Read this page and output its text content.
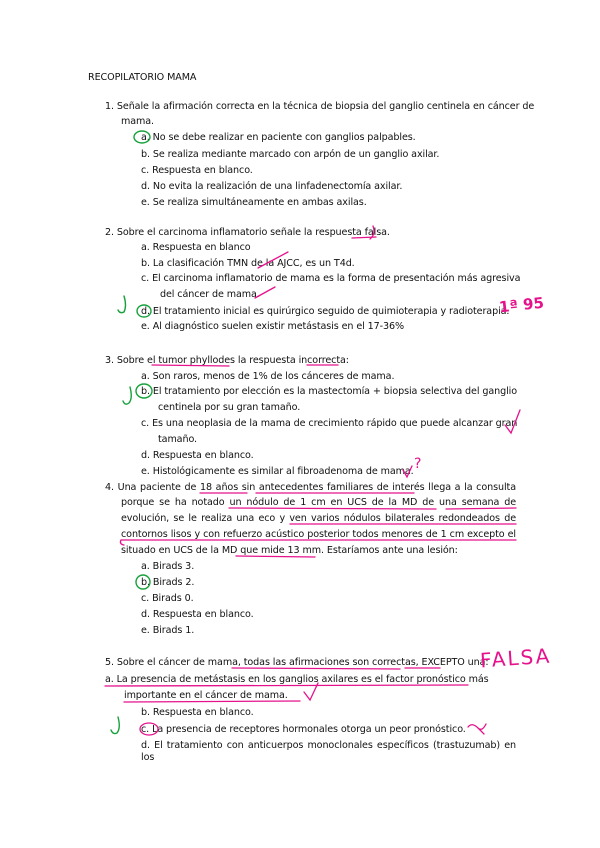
RECOPILATORIO MAMA
1. Señale la afirmación correcta en la técnica de biopsia del ganglio centinela en cáncer de
mama.
a. No se debe realizar en paciente con ganglios palpables.
b. Se realiza mediante marcado con arpón de un ganglio axilar.
c. Respuesta en blanco.
d. No evita la realización de una linfadenectomía axilar.
e. Se realiza simultáneamente en ambas axilas.
2. Sobre el carcinoma inflamatorio señale la respuesta falsa.
a. Respuesta en blanco
b. La clasificación TMN de la AJCC, es un T4d.
c. El carcinoma inflamatorio de mama es la forma de presentación más agresiva
del cáncer de mama.
d. El tratamiento inicial es quirúrgico seguido de quimioterapia y radioterapia.
e. Al diagnóstico suelen existir metástasis en el 17-36%
3. Sobre el tumor phyllodes la respuesta incorrecta:
a. Son raros, menos de 1% de los cánceres de mama.
b. El tratamiento por elección es la mastectomía + biopsia selectiva del ganglio
centinela por su gran tamaño.
c. Es una neoplasia de la mama de crecimiento rápido que puede alcanzar gran
tamaño.
d. Respuesta en blanco.
e. Histológicamente es similar al fibroadenoma de mama.
4. Una paciente de 18 años sin antecedentes familiares de interés llega a la consulta
porque se ha notado un nódulo de 1 cm en UCS de la MD de una semana de
evolución, se le realiza una eco y ven varios nódulos bilaterales redondeados de
contornos lisos y con refuerzo acústico posterior todos menores de 1 cm excepto el
situado en UCS de la MD que mide 13 mm. Estaríamos ante una lesión:
a. Birads 3.
b. Birads 2.
c. Birads 0.
d. Respuesta en blanco.
e. Birads 1.
5. Sobre el cáncer de mama, todas las afirmaciones son correctas, EXCEPTO una:
a. La presencia de metástasis en los ganglios axilares es el factor pronóstico más
importante en el cáncer de mama.
b. Respuesta en blanco.
c. La presencia de receptores hormonales otorga un peor pronóstico.
d. El tratamiento con anticuerpos monoclonales específicos (trastuzumab) en los
1ª 95
FALSA
?
